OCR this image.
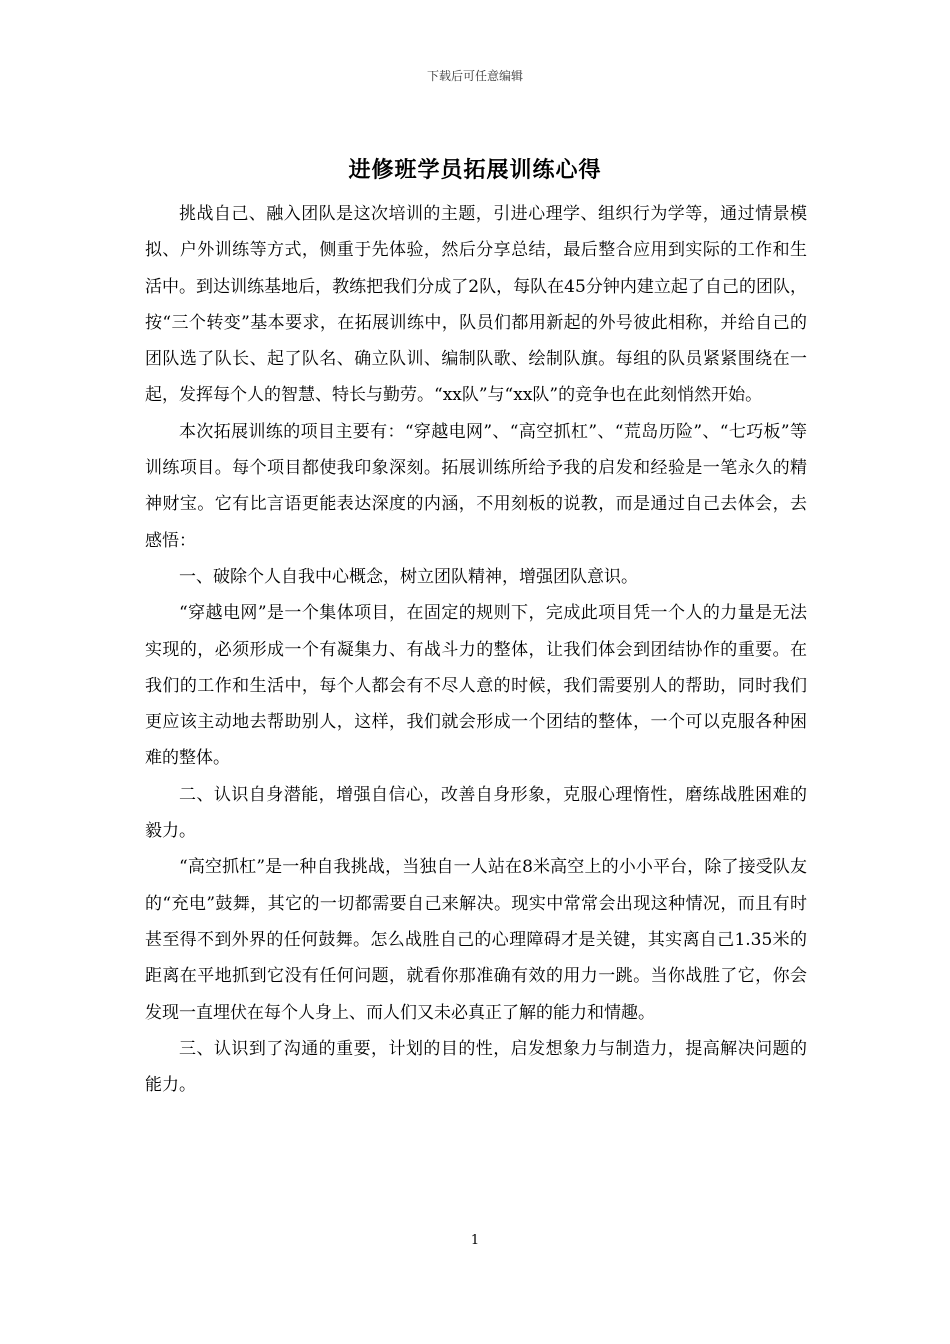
下载后可任意编辑
进修班学员拓展训练心得

挑战自己、融入团队是这次培训的主题，引进心理学、组织行为学等，通过情景模拟、户外训练等方式，侧重于先体验，然后分享总结，最后整合应用到实际的工作和生活中。到达训练基地后，教练把我们分成了2队，每队在45分钟内建立起了自己的团队，按“三个转变”基本要求，在拓展训练中，队员们都用新起的外号彼此相称，并给自己的团队选了队长、起了队名、确立队训、编制队歌、绘制队旗。每组的队员紧紧围绕在一起，发挥每个人的智慧、特长与勤劳。“xx队”与“xx队”的竞争也在此刻悄然开始。

本次拓展训练的项目主要有：“穿越电网”、“高空抓杠”、“荒岛历险”、“七巧板”等训练项目。每个项目都使我印象深刻。拓展训练所给予我的启发和经验是一笔永久的精神财宝。它有比言语更能表达深度的内涵，不用刻板的说教，而是通过自己去体会，去感悟：

一、破除个人自我中心概念，树立团队精神，增强团队意识。

“穿越电网”是一个集体项目，在固定的规则下，完成此项目凭一个人的力量是无法实现的，必须形成一个有凝集力、有战斗力的整体，让我们体会到团结协作的重要。在我们的工作和生活中，每个人都会有不尽人意的时候，我们需要别人的帮助，同时我们更应该主动地去帮助别人，这样，我们就会形成一个团结的整体，一个可以克服各种困难的整体。

二、认识自身潜能，增强自信心，改善自身形象，克服心理惰性，磨练战胜困难的毅力。

“高空抓杠”是一种自我挑战，当独自一人站在8米高空上的小小平台，除了接受队友的“充电”鼓舞，其它的一切都需要自己来解决。现实中常常会出现这种情况，而且有时甚至得不到外界的任何鼓舞。怎么战胜自己的心理障碍才是关键，其实离自己1.35米的距离在平地抓到它没有任何问题，就看你那准确有效的用力一跳。当你战胜了它，你会发现一直埋伏在每个人身上、而人们又未必真正了解的能力和情趣。

三、认识到了沟通的重要，计划的目的性，启发想象力与制造力，提高解决问题的能力。

1
